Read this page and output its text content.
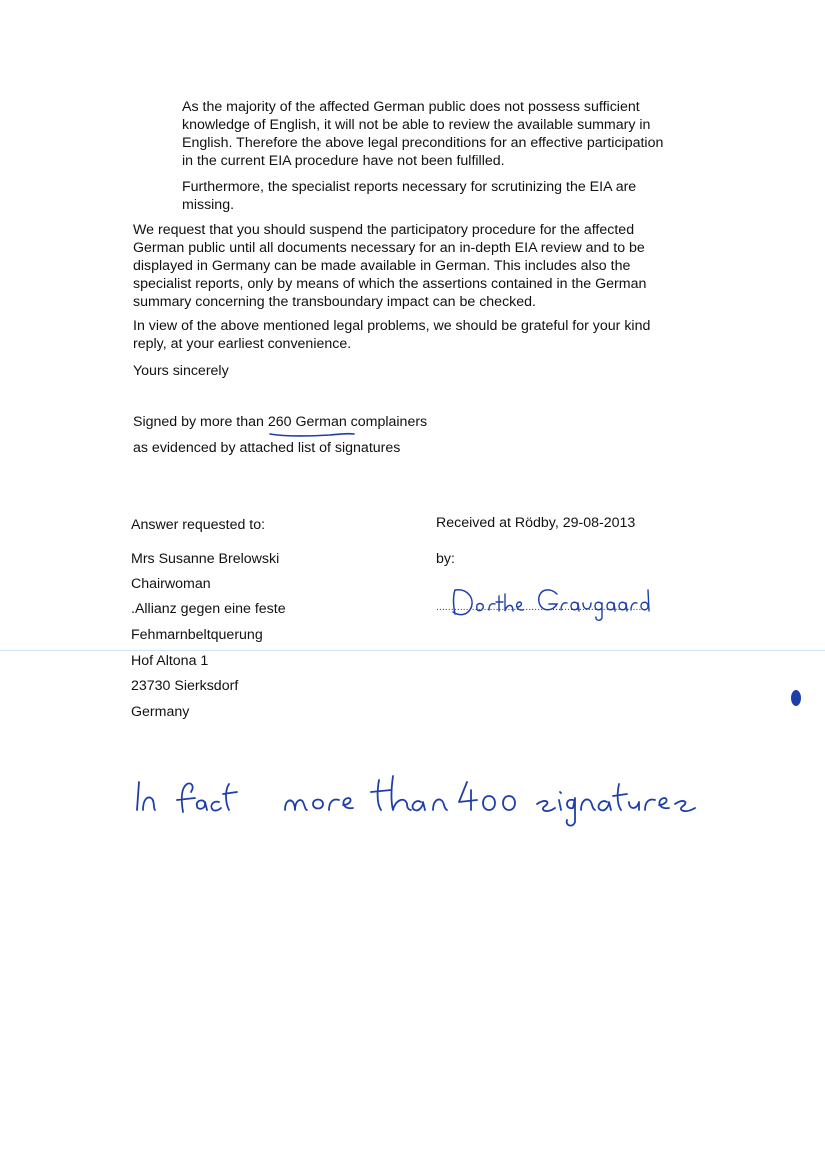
As the majority of the affected German public does not possess sufficient
knowledge of English, it will not be able to review the available summary in
English. Therefore the above legal preconditions for an effective participation
in the current EIA procedure have not been fulfilled.
Furthermore, the specialist reports necessary for scrutinizing the EIA are
missing.
We request that you should suspend the participatory procedure for the affected
German public until all documents necessary for an in-depth EIA review and to be
displayed in Germany can be made available in German. This includes also the
specialist reports, only by means of which the assertions contained in the German
summary concerning the transboundary impact can be checked.
In view of the above mentioned legal problems, we should be grateful for your kind
reply, at your earliest convenience.
Yours sincerely
Signed by more than 260 German complainers
as evidenced by attached list of signatures
Answer requested to:
Mrs Susanne Brelowski
Chairwoman
.Allianz gegen eine feste
Fehmarnbeltquerung
Hof Altona 1
23730 Sierksdorf
Germany
Received at Rödby, 29-08-2013
by:
......................................................................
